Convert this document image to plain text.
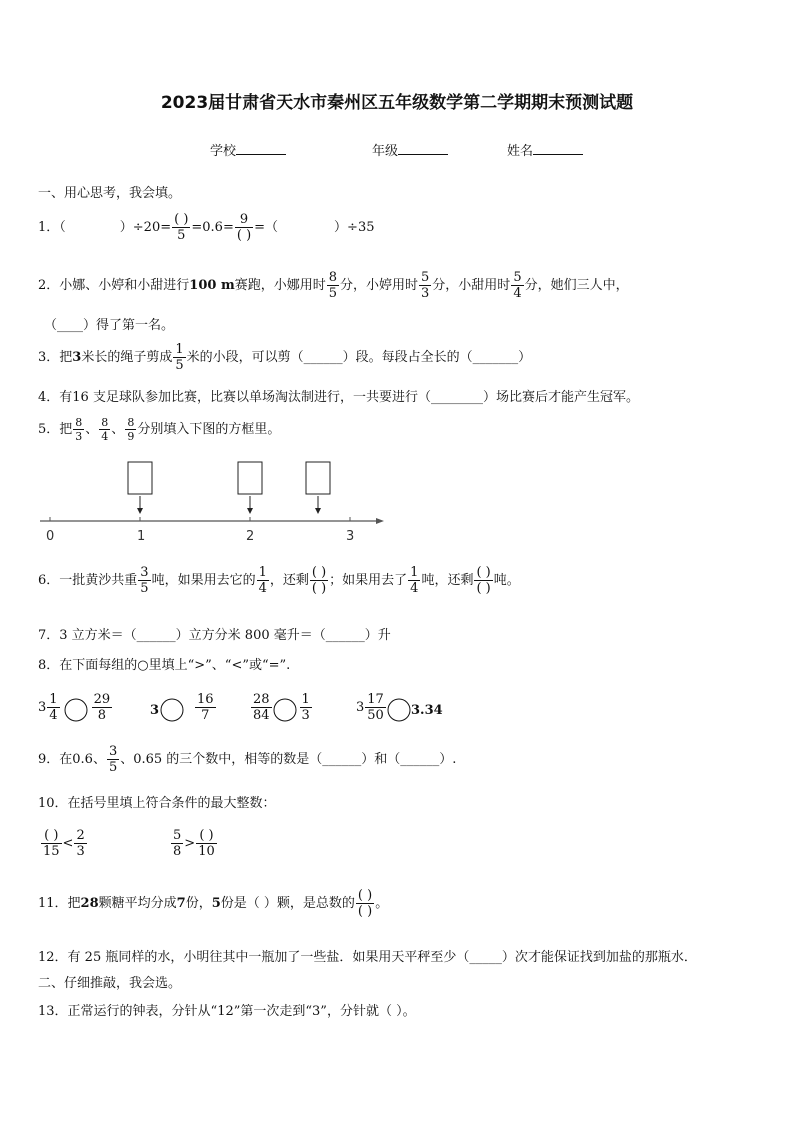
2023届甘肃省天水市秦州区五年级数学第二学期期末预测试题
学校	年级	姓名
一、用心思考，我会填。
1．（	）$\div 20= \frac{( )}{5} =0.6= \frac{9}{( )}$ =（	）÷35
2．小娜、小婷和小甜进行100 m赛跑，小娜用时 $\frac{8}{5}$ 分，小婷用时 $\frac{5}{3}$ 分，小甜用时 $\frac{5}{4}$ 分，她们三人中，
（____）得了第一名。
3．把3米长的绳子剪成 $\frac{1}{5}$ 米的小段，可以剪（______）段。每段占全长的（_______）
4．有16 支足球队参加比赛，比赛以单场淘汰制进行，一共要进行（________）场比赛后才能产生冠军。
5．把 $\frac{8}{3}$ 、 $\frac{8}{4}$ 、 $\frac{8}{9}$ 分别填入下图的方框里。
0	1	2	3
6．一批黄沙共重 $\frac{3}{5}$ 吨，如果用去它的 $\frac{1}{4}$ ，还剩 $\frac{( )}{( )}$ ；如果用去了 $\frac{1}{4}$ 吨，还剩 $\frac{( )}{( )}$ 吨。
7．3 立方米＝（______）立方分米 800 毫升＝（______）升
8．在下面每组的○里填上“>”、“<”或“=”.
$3 \frac{1}{4} \frac{29}{8}$	3	$\frac{16}{7}$	$\frac{28}{84} \frac{1}{3}$	$3 \frac{17}{50} 3.34$
9．在0.6、 $\frac{3}{5}$ 、0.65 的三个数中，相等的数是（______）和（______）.
10．在括号里填上符合条件的最大整数：
$\frac{( )}{15} < \frac{2}{3}$	$\frac{5}{8} > \frac{( )}{10}$
11．把28颗糖平均分成7份，5份是（ ）颗，是总数的 $\frac{( )}{( )}$ 。
12．有 25 瓶同样的水，小明往其中一瓶加了一些盐．如果用天平秤至少（_____）次才能保证找到加盐的那瓶水．
二、仔细推敲，我会选。
13．正常运行的钟表，分针从“12”第一次走到“3”，分针就（ ）。
